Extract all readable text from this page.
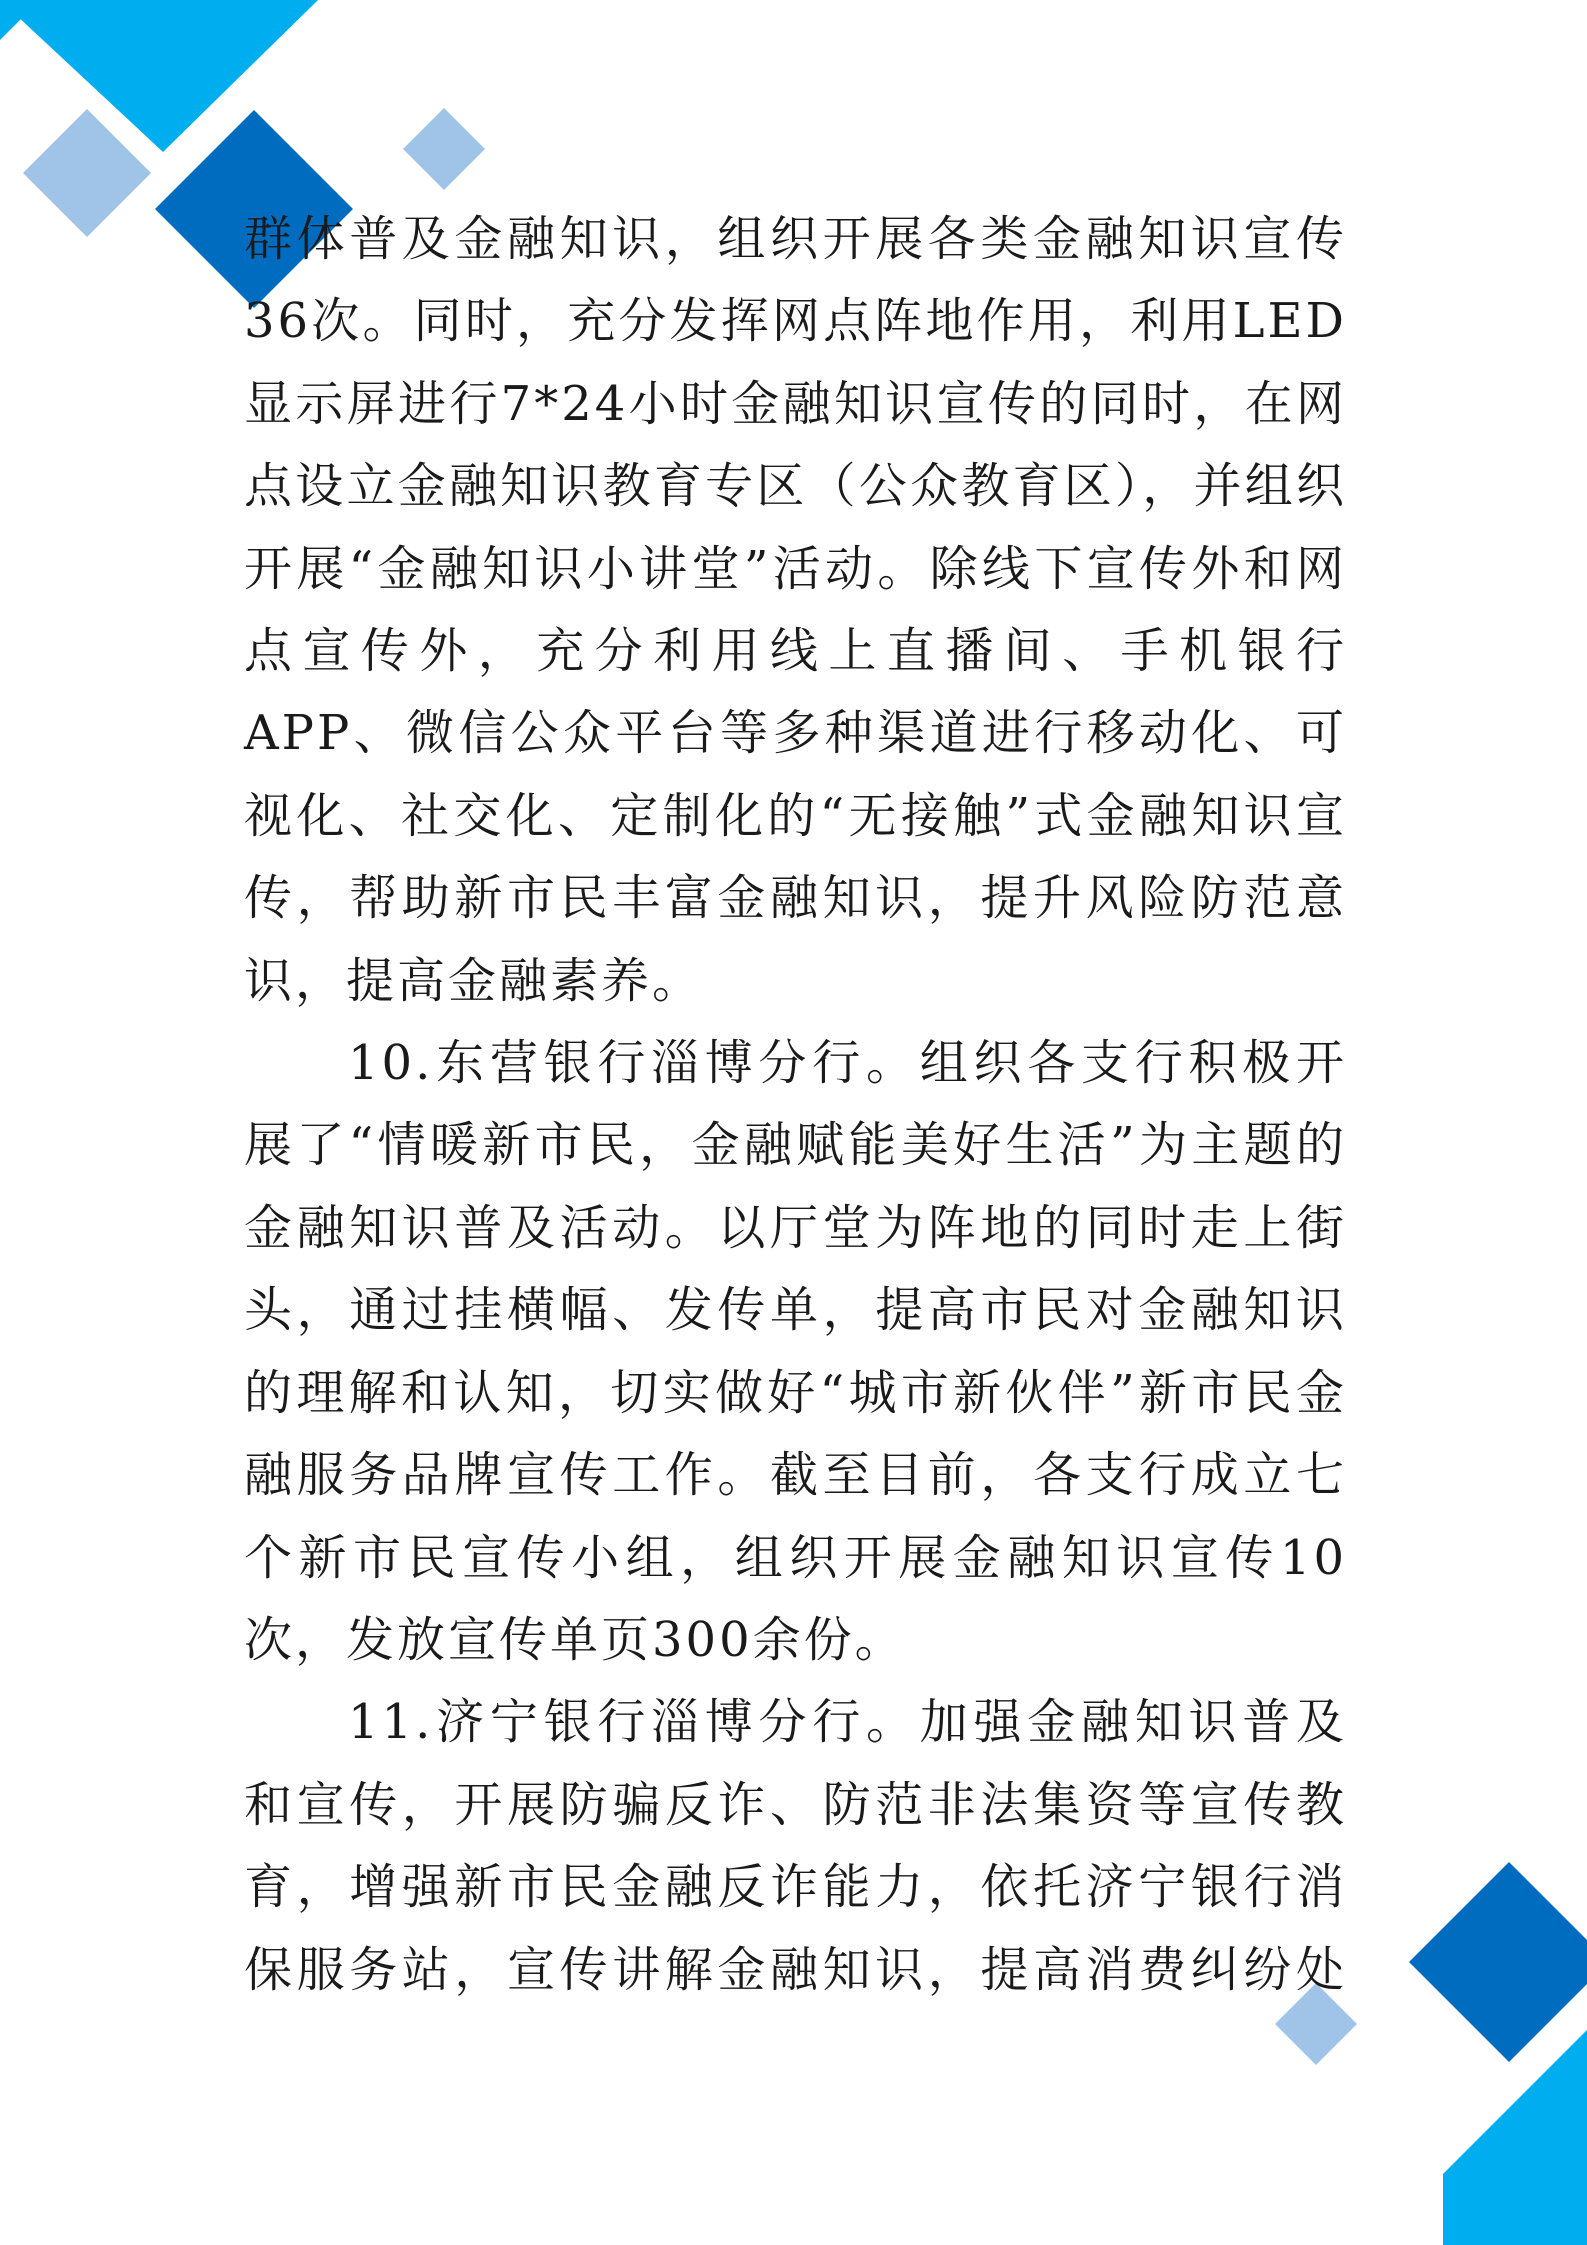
群体普及金融知识，组织开展各类金融知识宣传36次。同时，充分发挥网点阵地作用，利用LED显示屏进行7*24小时金融知识宣传的同时，在网点设立金融知识教育专区（公众教育区），并组织开展“金融知识小讲堂”活动。除线下宣传外和网点宣传外，充分利用线上直播间、手机银行APP、微信公众平台等多种渠道进行移动化、可视化、社交化、定制化的“无接触”式金融知识宣传，帮助新市民丰富金融知识，提升风险防范意识，提高金融素养。

10.东营银行淄博分行。组织各支行积极开展了“情暖新市民，金融赋能美好生活”为主题的金融知识普及活动。以厅堂为阵地的同时走上街头，通过挂横幅、发传单，提高市民对金融知识的理解和认知，切实做好“城市新伙伴”新市民金融服务品牌宣传工作。截至目前，各支行成立七个新市民宣传小组，组织开展金融知识宣传10次，发放宣传单页300余份。

11.济宁银行淄博分行。加强金融知识普及和宣传，开展防骗反诈、防范非法集资等宣传教育，增强新市民金融反诈能力，依托济宁银行消保服务站，宣传讲解金融知识，提高消费纠纷处
